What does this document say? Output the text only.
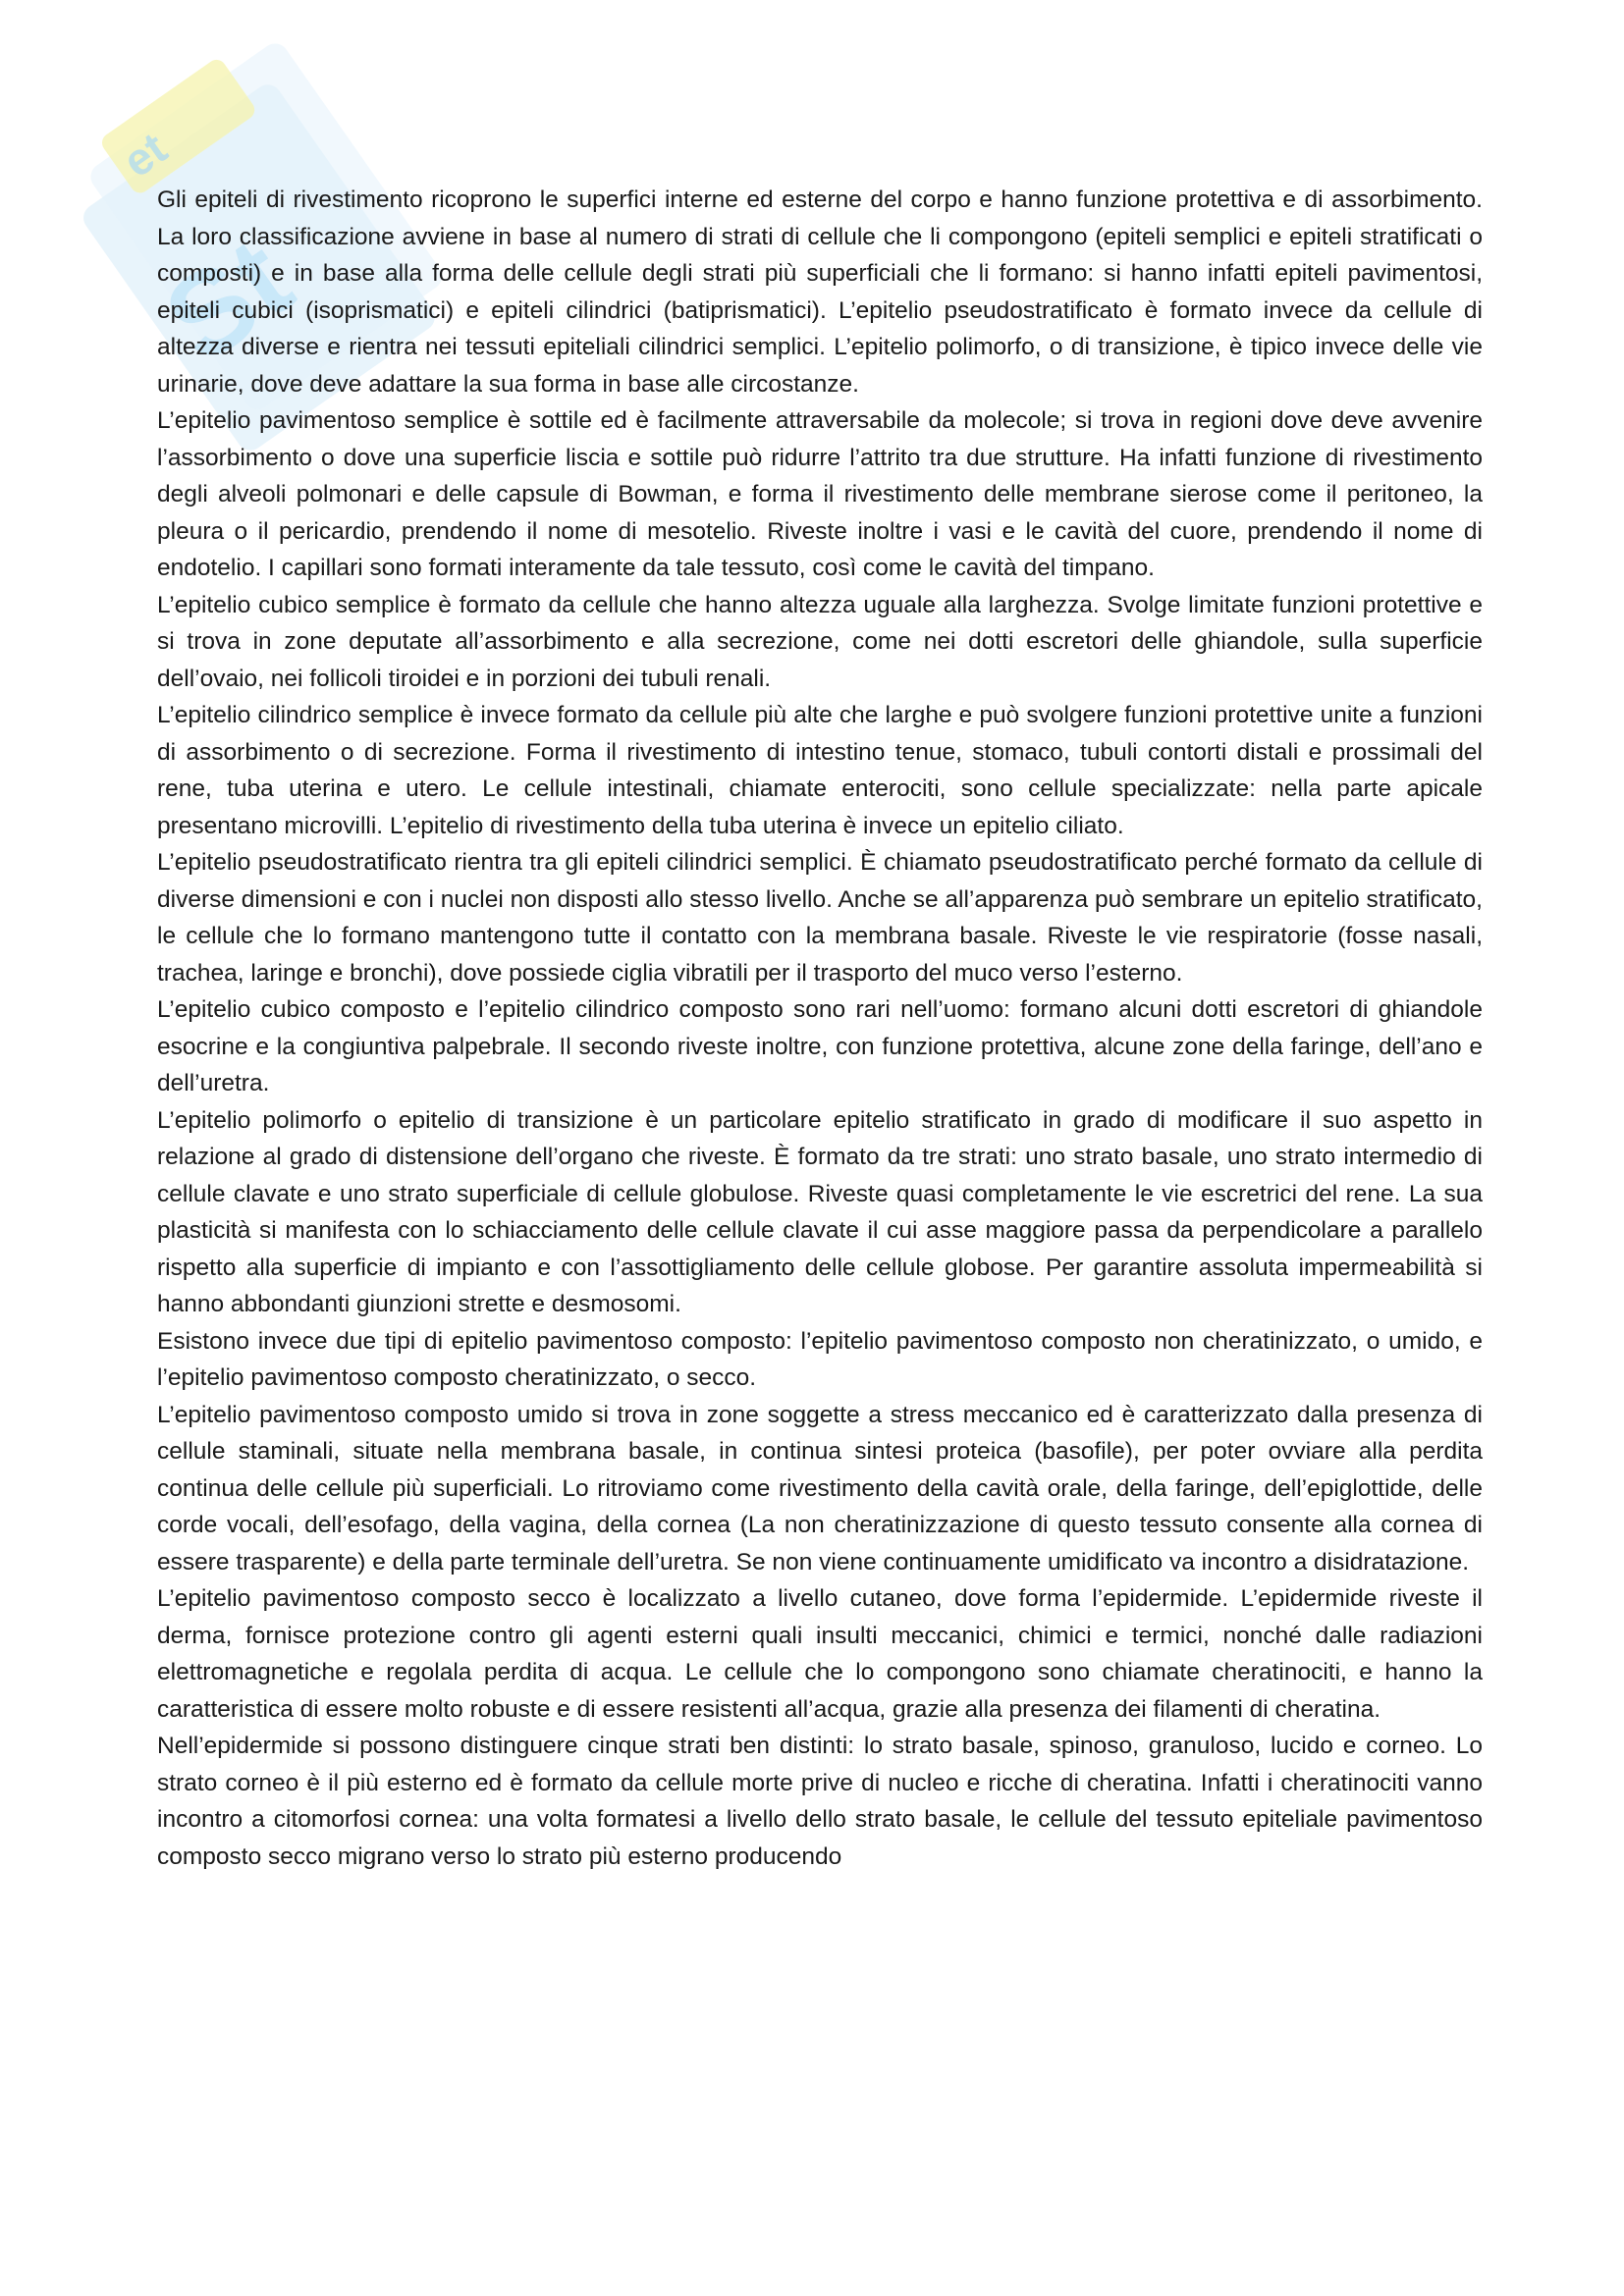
et
St

Gli epiteli di rivestimento ricoprono le superfici interne ed esterne del corpo e hanno funzione protettiva e di assorbimento. La loro classificazione avviene in base al numero di strati di cellule che li compongono (epiteli semplici e epiteli stratificati o composti) e in base alla forma delle cellule degli strati più superficiali che li formano: si hanno infatti epiteli pavimentosi, epiteli cubici (isoprismatici) e epiteli cilindrici (batiprismatici). L’epitelio pseudostratificato è formato invece da cellule di altezza diverse e rientra nei tessuti epiteliali cilindrici semplici. L’epitelio polimorfo, o di transizione, è tipico invece delle vie urinarie, dove deve adattare la sua forma in base alle circostanze.

L’epitelio pavimentoso semplice è sottile ed è facilmente attraversabile da molecole; si trova in regioni dove deve avvenire l’assorbimento o dove una superficie liscia e sottile può ridurre l’attrito tra due strutture. Ha infatti funzione di rivestimento degli alveoli polmonari e delle capsule di Bowman, e forma il rivestimento delle membrane sierose come il peritoneo, la pleura o il pericardio, prendendo il nome di mesotelio. Riveste inoltre i vasi e le cavità del cuore, prendendo il nome di endotelio. I capillari sono formati interamente da tale tessuto, così come le cavità del timpano.

L’epitelio cubico semplice è formato da cellule che hanno altezza uguale alla larghezza. Svolge limitate funzioni protettive e si trova in zone deputate all’assorbimento e alla secrezione, come nei dotti escretori delle ghiandole, sulla superficie dell’ovaio, nei follicoli tiroidei e in porzioni dei tubuli renali.

L’epitelio cilindrico semplice è invece formato da cellule più alte che larghe e può svolgere funzioni protettive unite a funzioni di assorbimento o di secrezione. Forma il rivestimento di intestino tenue, stomaco, tubuli contorti distali e prossimali del rene, tuba uterina e utero. Le cellule intestinali, chiamate enterociti, sono cellule specializzate: nella parte apicale presentano microvilli. L’epitelio di rivestimento della tuba uterina è invece un epitelio ciliato.

L’epitelio pseudostratificato rientra tra gli epiteli cilindrici semplici. È chiamato pseudostratificato perché formato da cellule di diverse dimensioni e con i nuclei non disposti allo stesso livello. Anche se all’apparenza può sembrare un epitelio stratificato, le cellule che lo formano mantengono tutte il contatto con la membrana basale. Riveste le vie respiratorie (fosse nasali, trachea, laringe e bronchi), dove possiede ciglia vibratili per il trasporto del muco verso l’esterno.

L’epitelio cubico composto e l’epitelio cilindrico composto sono rari nell’uomo: formano alcuni dotti escretori di ghiandole esocrine e la congiuntiva palpebrale. Il secondo riveste inoltre, con funzione protettiva, alcune zone della faringe, dell’ano e dell’uretra.

L’epitelio polimorfo o epitelio di transizione è un particolare epitelio stratificato in grado di modificare il suo aspetto in relazione al grado di distensione dell’organo che riveste. È formato da tre strati: uno strato basale, uno strato intermedio di cellule clavate e uno strato superficiale di cellule globulose. Riveste quasi completamente le vie escretrici del rene. La sua plasticità si manifesta con lo schiacciamento delle cellule clavate il cui asse maggiore passa da perpendicolare a parallelo rispetto alla superficie di impianto e con l’assottigliamento delle cellule globose. Per garantire assoluta impermeabilità si hanno abbondanti giunzioni strette e desmosomi.

Esistono invece due tipi di epitelio pavimentoso composto: l’epitelio pavimentoso composto non cheratinizzato, o umido, e l’epitelio pavimentoso composto cheratinizzato, o secco.

L’epitelio pavimentoso composto umido si trova in zone soggette a stress meccanico ed è caratterizzato dalla presenza di cellule staminali, situate nella membrana basale, in continua sintesi proteica (basofile), per poter ovviare alla perdita continua delle cellule più superficiali. Lo ritroviamo come rivestimento della cavità orale, della faringe, dell’epiglottide, delle corde vocali, dell’esofago, della vagina, della cornea (La non cheratinizzazione di questo tessuto consente alla cornea di essere trasparente) e della parte terminale dell’uretra. Se non viene continuamente umidificato va incontro a disidratazione.

L’epitelio pavimentoso composto secco è localizzato a livello cutaneo, dove forma l’epidermide. L’epidermide riveste il derma, fornisce protezione contro gli agenti esterni quali insulti meccanici, chimici e termici, nonché dalle radiazioni elettromagnetiche e regolala perdita di acqua. Le cellule che lo compongono sono chiamate cheratinociti, e hanno la caratteristica di essere molto robuste e di essere resistenti all’acqua, grazie alla presenza dei filamenti di cheratina.

Nell’epidermide si possono distinguere cinque strati ben distinti: lo strato basale, spinoso, granuloso, lucido e corneo. Lo strato corneo è il più esterno ed è formato da cellule morte prive di nucleo e ricche di cheratina. Infatti i cheratinociti vanno incontro a citomorfosi cornea: una volta formatesi a livello dello strato basale, le cellule del tessuto epiteliale pavimentoso composto secco migrano verso lo strato più esterno producendo
